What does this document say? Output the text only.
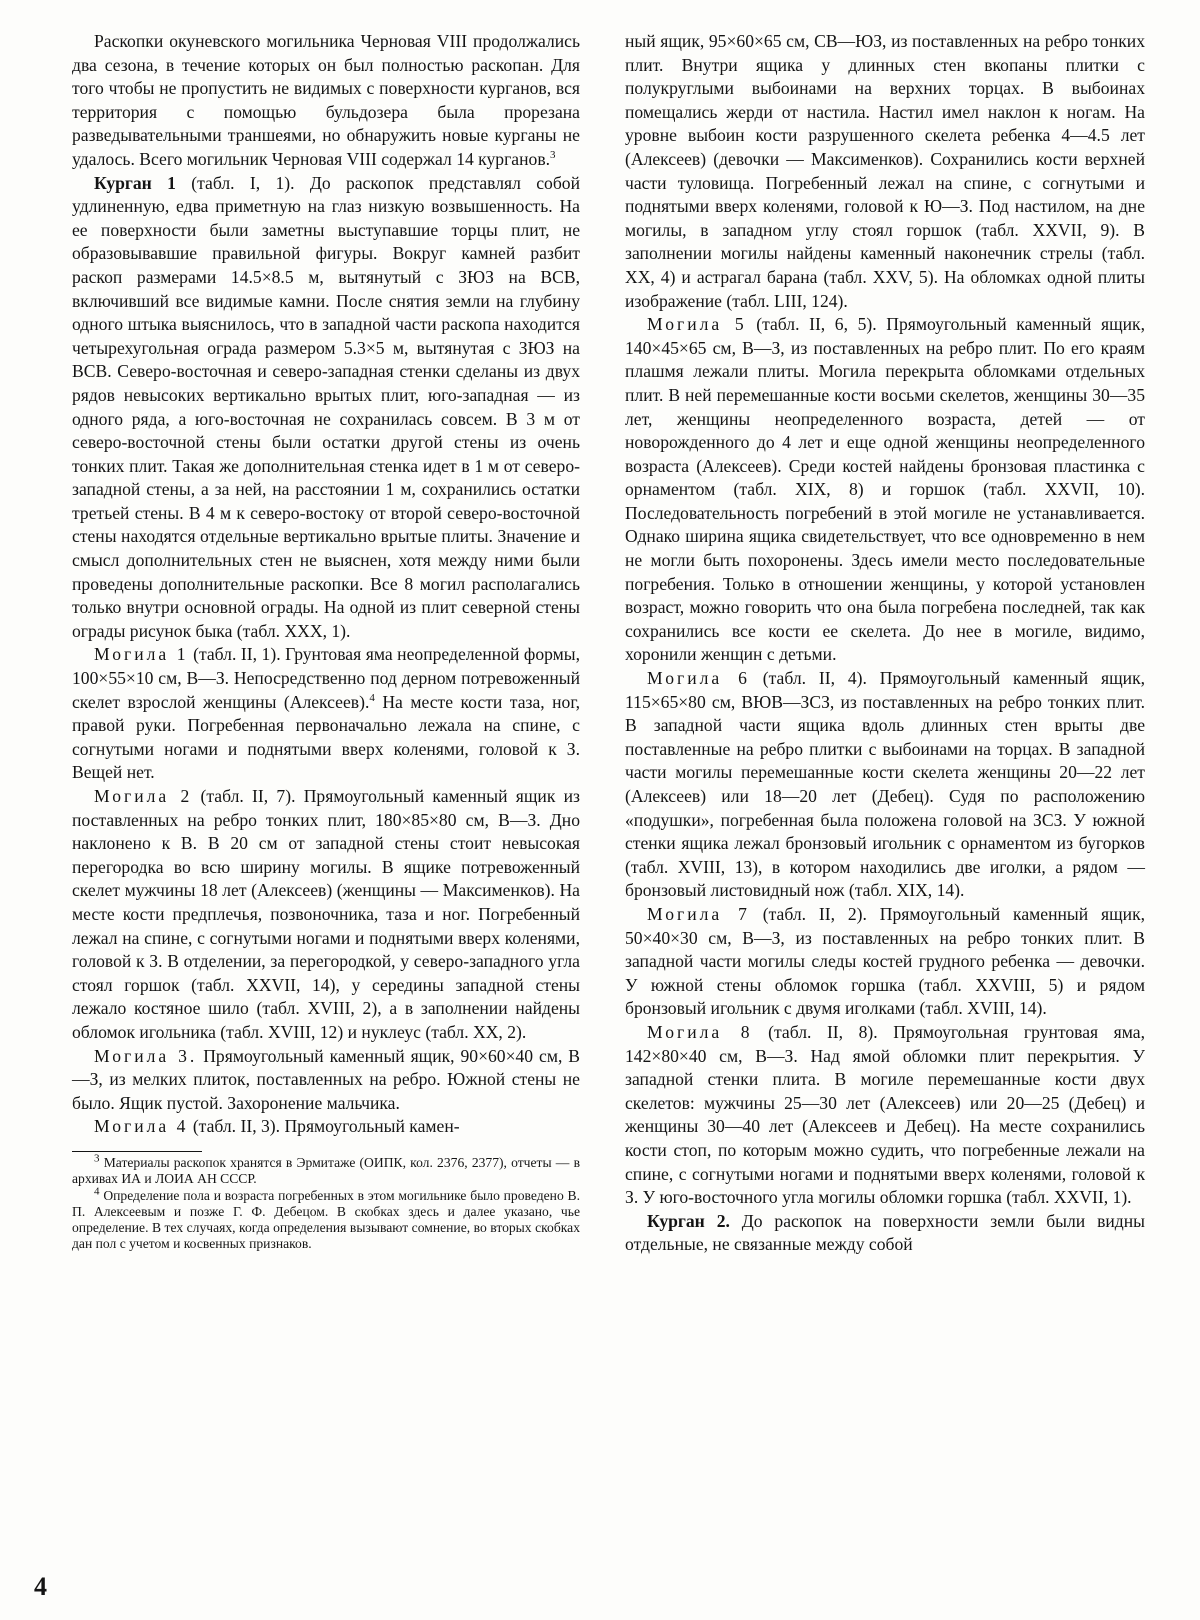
Раскопки окуневского могильника Черновая VIII продолжались два сезона, в течение которых он был полностью раскопан. Для того чтобы не пропустить не видимых с поверхности курганов, вся территория с помощью бульдозера была прорезана разведывательными траншеями, но обнаружить новые курганы не удалось. Всего могильник Черновая VIII содержал 14 курганов.$^3$

Курган 1 (табл. I, 1). До раскопок представлял собой удлиненную, едва приметную на глаз низкую возвышенность. На ее поверхности были заметны выступавшие торцы плит, не образовывавшие правильной фигуры. Вокруг камней разбит раскоп размерами 14.5×8.5 м, вытянутый с ЗЮЗ на ВСВ, включивший все видимые камни. После снятия земли на глубину одного штыка выяснилось, что в западной части раскопа находится четырехугольная ограда размером 5.3×5 м, вытянутая с ЗЮЗ на ВСВ. Северо-восточная и северо-западная стенки сделаны из двух рядов невысоких вертикально врытых плит, юго-западная — из одного ряда, а юго-восточная не сохранилась совсем. В 3 м от северо-восточной стены были остатки другой стены из очень тонких плит. Такая же дополнительная стенка идет в 1 м от северо-западной стены, а за ней, на расстоянии 1 м, сохранились остатки третьей стены. В 4 м к северо-востоку от второй северо-восточной стены находятся отдельные вертикально врытые плиты. Значение и смысл дополнительных стен не выяснен, хотя между ними были проведены дополнительные раскопки. Все 8 могил располагались только внутри основной ограды. На одной из плит северной стены ограды рисунок быка (табл. XXX, 1).

Могила 1 (табл. II, 1). Грунтовая яма неопределенной формы, 100×55×10 см, В—З. Непосредственно под дерном потревоженный скелет взрослой женщины (Алексеев).$^4$ На месте кости таза, ног, правой руки. Погребенная первоначально лежала на спине, с согнутыми ногами и поднятыми вверх коленями, головой к З. Вещей нет.

Могила 2 (табл. II, 7). Прямоугольный каменный ящик из поставленных на ребро тонких плит, 180×85×80 см, В—З. Дно наклонено к В. В 20 см от западной стены стоит невысокая перегородка во всю ширину могилы. В ящике потревоженный скелет мужчины 18 лет (Алексеев) (женщины — Максименков). На месте кости предплечья, позвоночника, таза и ног. Погребенный лежал на спине, с согнутыми ногами и поднятыми вверх коленями, головой к З. В отделении, за перегородкой, у северо-западного угла стоял горшок (табл. XXVII, 14), у середины западной стены лежало костяное шило (табл. XVIII, 2), а в заполнении найдены обломок игольника (табл. XVIII, 12) и нуклеус (табл. XX, 2).

Могила 3. Прямоугольный каменный ящик, 90×60×40 см, В—З, из мелких плиток, поставленных на ребро. Южной стены не было. Ящик пустой. Захоронение мальчика.

Могила 4 (табл. II, 3). Прямоугольный камен-

$^3$ Материалы раскопок хранятся в Эрмитаже (ОИПК, кол. 2376, 2377), отчеты — в архивах ИА и ЛОИА АН СССР.

$^4$ Определение пола и возраста погребенных в этом могильнике было проведено В. П. Алексеевым и позже Г. Ф. Дебецом. В скобках здесь и далее указано, чье определение. В тех случаях, когда определения вызывают сомнение, во вторых скобках дан пол с учетом и косвенных признаков.

ный ящик, 95×60×65 см, СВ—ЮЗ, из поставленных на ребро тонких плит. Внутри ящика у длинных стен вкопаны плитки с полукруглыми выбоинами на верхних торцах. В выбоинах помещались жерди от настила. Настил имел наклон к ногам. На уровне выбоин кости разрушенного скелета ребенка 4—4.5 лет (Алексеев) (девочки — Максименков). Сохранились кости верхней части туловища. Погребенный лежал на спине, с согнутыми и поднятыми вверх коленями, головой к Ю—З. Под настилом, на дне могилы, в западном углу стоял горшок (табл. XXVII, 9). В заполнении могилы найдены каменный наконечник стрелы (табл. XX, 4) и астрагал барана (табл. XXV, 5). На обломках одной плиты изображение (табл. LIII, 124).

Могила 5 (табл. II, 6, 5). Прямоугольный каменный ящик, 140×45×65 см, В—З, из поставленных на ребро плит. По его краям плашмя лежали плиты. Могила перекрыта обломками отдельных плит. В ней перемешанные кости восьми скелетов, женщины 30—35 лет, женщины неопределенного возраста, детей — от новорожденного до 4 лет и еще одной женщины неопределенного возраста (Алексеев). Среди костей найдены бронзовая пластинка с орнаментом (табл. XIX, 8) и горшок (табл. XXVII, 10). Последовательность погребений в этой могиле не устанавливается. Однако ширина ящика свидетельствует, что все одновременно в нем не могли быть похоронены. Здесь имели место последовательные погребения. Только в отношении женщины, у которой установлен возраст, можно говорить что она была погребена последней, так как сохранились все кости ее скелета. До нее в могиле, видимо, хоронили женщин с детьми.

Могила 6 (табл. II, 4). Прямоугольный каменный ящик, 115×65×80 см, ВЮВ—ЗСЗ, из поставленных на ребро тонких плит. В западной части ящика вдоль длинных стен врыты две поставленные на ребро плитки с выбоинами на торцах. В западной части могилы перемешанные кости скелета женщины 20—22 лет (Алексеев) или 18—20 лет (Дебец). Судя по расположению «подушки», погребенная была положена головой на ЗСЗ. У южной стенки ящика лежал бронзовый игольник с орнаментом из бугорков (табл. XVIII, 13), в котором находились две иголки, а рядом — бронзовый листовидный нож (табл. XIX, 14).

Могила 7 (табл. II, 2). Прямоугольный каменный ящик, 50×40×30 см, В—З, из поставленных на ребро тонких плит. В западной части могилы следы костей грудного ребенка — девочки. У южной стены обломок горшка (табл. XXVIII, 5) и рядом бронзовый игольник с двумя иголками (табл. XVIII, 14).

Могила 8 (табл. II, 8). Прямоугольная грунтовая яма, 142×80×40 см, В—З. Над ямой обломки плит перекрытия. У западной стенки плита. В могиле перемешанные кости двух скелетов: мужчины 25—30 лет (Алексеев) или 20—25 (Дебец) и женщины 30—40 лет (Алексеев и Дебец). На месте сохранились кости стоп, по которым можно судить, что погребенные лежали на спине, с согнутыми ногами и поднятыми вверх коленями, головой к З. У юго-восточного угла могилы обломки горшка (табл. XXVII, 1).

Курган 2. До раскопок на поверхности земли были видны отдельные, не связанные между собой

4
